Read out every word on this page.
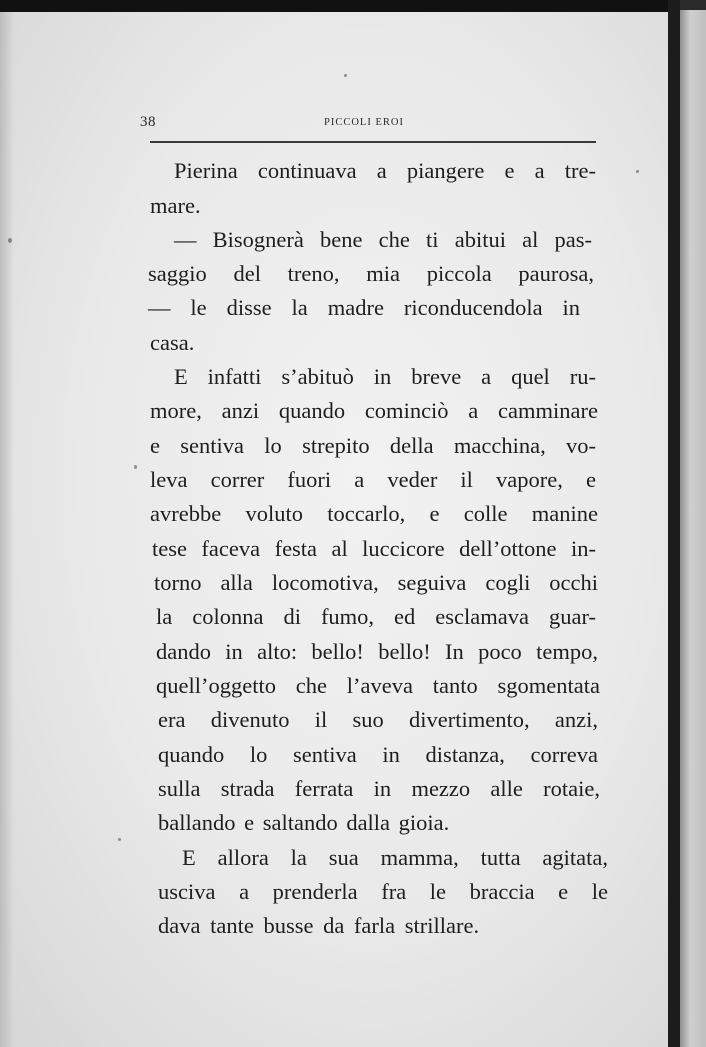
38	PICCOLI EROI
Pierina continuava a piangere e a tre-
mare.
— Bisognerà bene che ti abitui al pas-
saggio del treno, mia piccola paurosa,
— le disse la madre riconducendola in
casa.
E infatti s’abituò in breve a quel ru-
more, anzi quando cominciò a camminare
e sentiva lo strepito della macchina, vo-
leva correr fuori a veder il vapore, e
avrebbe voluto toccarlo, e colle manine
tese faceva festa al luccicore dell’ottone in-
torno alla locomotiva, seguiva cogli occhi
la colonna di fumo, ed esclamava guar-
dando in alto: bello! bello! In poco tempo,
quell’oggetto che l’aveva tanto sgomentata
era divenuto il suo divertimento, anzi,
quando lo sentiva in distanza, correva
sulla strada ferrata in mezzo alle rotaie,
ballando e saltando dalla gioia.
E allora la sua mamma, tutta agitata,
usciva a prenderla fra le braccia e le
dava tante busse da farla strillare.
